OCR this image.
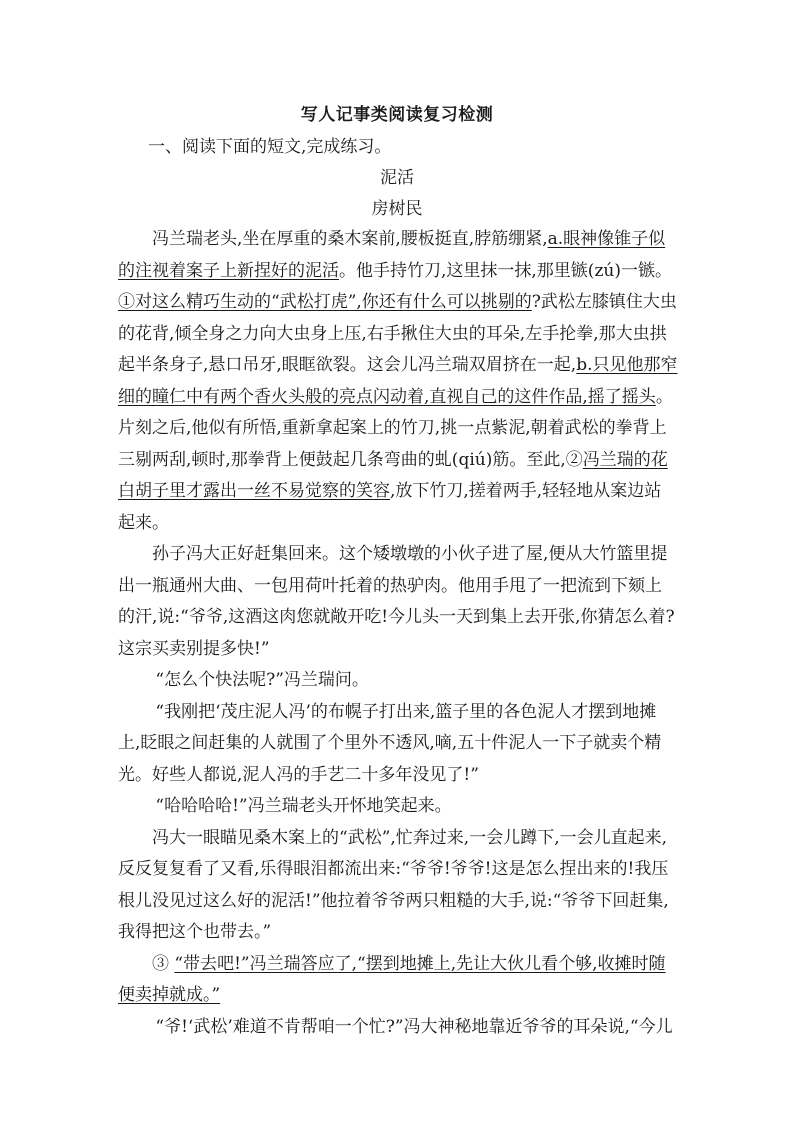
写人记事类阅读复习检测
一、阅读下面的短文,完成练习。
泥活
房树民

冯兰瑞老头,坐在厚重的桑木案前,腰板挺直,脖筋绷紧,a.眼神像锥子似的注视着案子上新捏好的泥活。他手持竹刀,这里抹一抹,那里镞(zú)一镞。①对这么精巧生动的“武松打虎”,你还有什么可以挑剔的?武松左膝镇住大虫的花背,倾全身之力向大虫身上压,右手揪住大虫的耳朵,左手抡拳,那大虫拱起半条身子,悬口吊牙,眼眶欲裂。这会儿冯兰瑞双眉挤在一起,b.只见他那窄细的瞳仁中有两个香火头般的亮点闪动着,直视自己的这件作品,摇了摇头。片刻之后,他似有所悟,重新拿起案上的竹刀,挑一点紫泥,朝着武松的拳背上三剔两刮,顿时,那拳背上便鼓起几条弯曲的虬(qiú)筋。至此,②冯兰瑞的花白胡子里才露出一丝不易觉察的笑容,放下竹刀,搓着两手,轻轻地从案边站起来。

孙子冯大正好赶集回来。这个矮墩墩的小伙子进了屋,便从大竹篮里提出一瓶通州大曲、一包用荷叶托着的热驴肉。他用手甩了一把流到下颏上的汗,说:“爷爷,这酒这肉您就敞开吃!今儿头一天到集上去开张,你猜怎么着?这宗买卖别提多快!”

“怎么个快法呢?”冯兰瑞问。

“我刚把‘茂庄泥人冯’的布幌子打出来,篮子里的各色泥人才摆到地摊上,眨眼之间赶集的人就围了个里外不透风,嘀,五十件泥人一下子就卖个精光。好些人都说,泥人冯的手艺二十多年没见了!”

“哈哈哈哈!”冯兰瑞老头开怀地笑起来。

冯大一眼瞄见桑木案上的“武松”,忙奔过来,一会儿蹲下,一会儿直起来,反反复复看了又看,乐得眼泪都流出来:“爷爷!爷爷!这是怎么捏出来的!我压根儿没见过这么好的泥活!”他拉着爷爷两只粗糙的大手,说:“爷爷下回赶集,我得把这个也带去。”

③ “带去吧!”冯兰瑞答应了,“摆到地摊上,先让大伙儿看个够,收摊时随便卖掉就成。”

“爷!‘武松’难道不肯帮咱一个忙?”冯大神秘地靠近爷爷的耳朵说,“今儿
